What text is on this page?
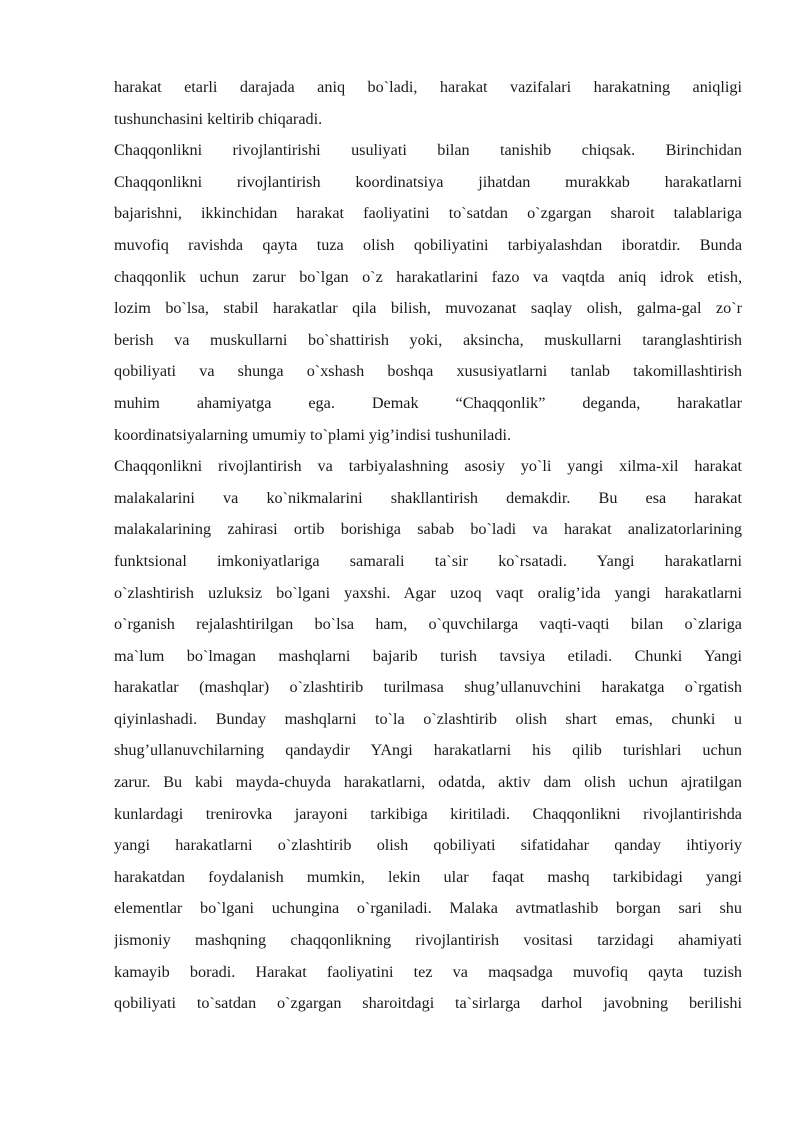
harakat etarli darajada aniq bo`ladi, harakat vazifalari harakatning aniqligi
tushunchasini keltirib chiqaradi.
Chaqqonlikni rivojlantirishi usuliyati bilan tanishib chiqsak. Birinchidan
Chaqqonlikni rivojlantirish koordinatsiya jihatdan murakkab harakatlarni
bajarishni, ikkinchidan harakat faoliyatini to`satdan o`zgargan sharoit talablariga
muvofiq ravishda qayta tuza olish qobiliyatini tarbiyalashdan iboratdir. Bunda
chaqqonlik uchun zarur bo`lgan o`z harakatlarini fazo va vaqtda aniq idrok etish,
lozim bo`lsa, stabil harakatlar qila bilish, muvozanat saqlay olish, galma-gal zo`r
berish va muskullarni bo`shattirish yoki, aksincha, muskullarni taranglashtirish
qobiliyati va shunga o`xshash boshqa xususiyatlarni tanlab takomillashtirish
muhim ahamiyatga ega. Demak “Chaqqonlik” deganda, harakatlar
koordinatsiyalarning umumiy to`plami yig’indisi tushuniladi.
Chaqqonlikni rivojlantirish va tarbiyalashning asosiy yo`li yangi xilma-xil harakat
malakalarini va ko`nikmalarini shakllantirish demakdir. Bu esa harakat
malakalarining zahirasi ortib borishiga sabab bo`ladi va harakat analizatorlarining
funktsional imkoniyatlariga samarali ta`sir ko`rsatadi. Yangi harakatlarni
o`zlashtirish uzluksiz bo`lgani yaxshi. Agar uzoq vaqt oralig’ida yangi harakatlarni
o`rganish rejalashtirilgan bo`lsa ham, o`quvchilarga vaqti-vaqti bilan o`zlariga
ma`lum bo`lmagan mashqlarni bajarib turish tavsiya etiladi. Chunki Yangi
harakatlar (mashqlar) o`zlashtirib turilmasa shug’ullanuvchini harakatga o`rgatish
qiyinlashadi. Bunday mashqlarni to`la o`zlashtirib olish shart emas, chunki u
shug’ullanuvchilarning qandaydir YAngi harakatlarni his qilib turishlari uchun
zarur. Bu kabi mayda-chuyda harakatlarni, odatda, aktiv dam olish uchun ajratilgan
kunlardagi trenirovka jarayoni tarkibiga kiritiladi. Chaqqonlikni rivojlantirishda
yangi harakatlarni o`zlashtirib olish qobiliyati sifatidahar qanday ihtiyoriy
harakatdan foydalanish mumkin, lekin ular faqat mashq tarkibidagi yangi
elementlar bo`lgani uchungina o`rganiladi. Malaka avtmatlashib borgan sari shu
jismoniy mashqning chaqqonlikning rivojlantirish vositasi tarzidagi ahamiyati
kamayib boradi. Harakat faoliyatini tez va maqsadga muvofiq qayta tuzish
qobiliyati to`satdan o`zgargan sharoitdagi ta`sirlarga darhol javobning berilishi
